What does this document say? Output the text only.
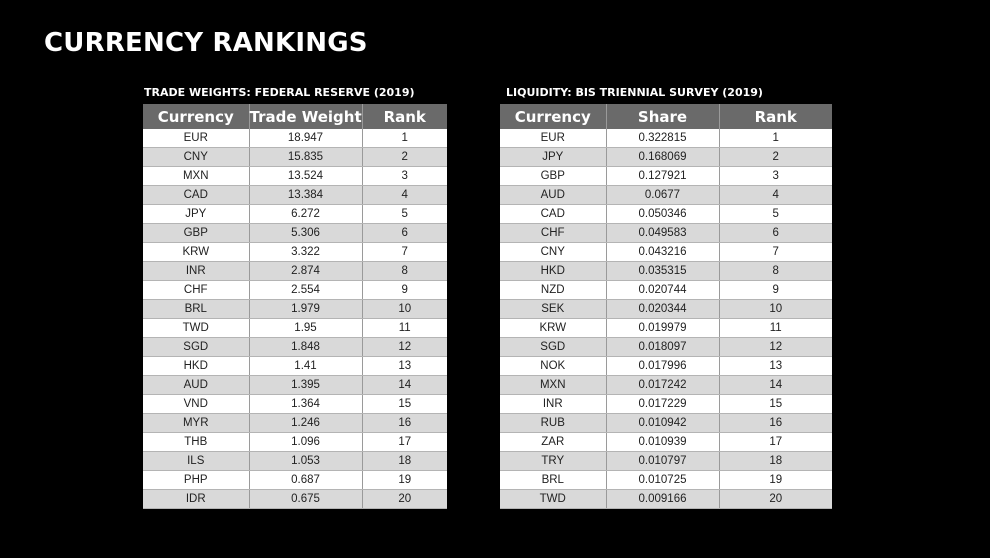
CURRENCY RANKINGS
TRADE WEIGHTS: FEDERAL RESERVE (2019)
Currency	Trade Weight	Rank
EUR	18.947	1
CNY	15.835	2
MXN	13.524	3
CAD	13.384	4
JPY	6.272	5
GBP	5.306	6
KRW	3.322	7
INR	2.874	8
CHF	2.554	9
BRL	1.979	10
TWD	1.95	11
SGD	1.848	12
HKD	1.41	13
AUD	1.395	14
VND	1.364	15
MYR	1.246	16
THB	1.096	17
ILS	1.053	18
PHP	0.687	19
IDR	0.675	20
LIQUIDITY: BIS TRIENNIAL SURVEY (2019)
Currency	Share	Rank
EUR	0.322815	1
JPY	0.168069	2
GBP	0.127921	3
AUD	0.0677	4
CAD	0.050346	5
CHF	0.049583	6
CNY	0.043216	7
HKD	0.035315	8
NZD	0.020744	9
SEK	0.020344	10
KRW	0.019979	11
SGD	0.018097	12
NOK	0.017996	13
MXN	0.017242	14
INR	0.017229	15
RUB	0.010942	16
ZAR	0.010939	17
TRY	0.010797	18
BRL	0.010725	19
TWD	0.009166	20
